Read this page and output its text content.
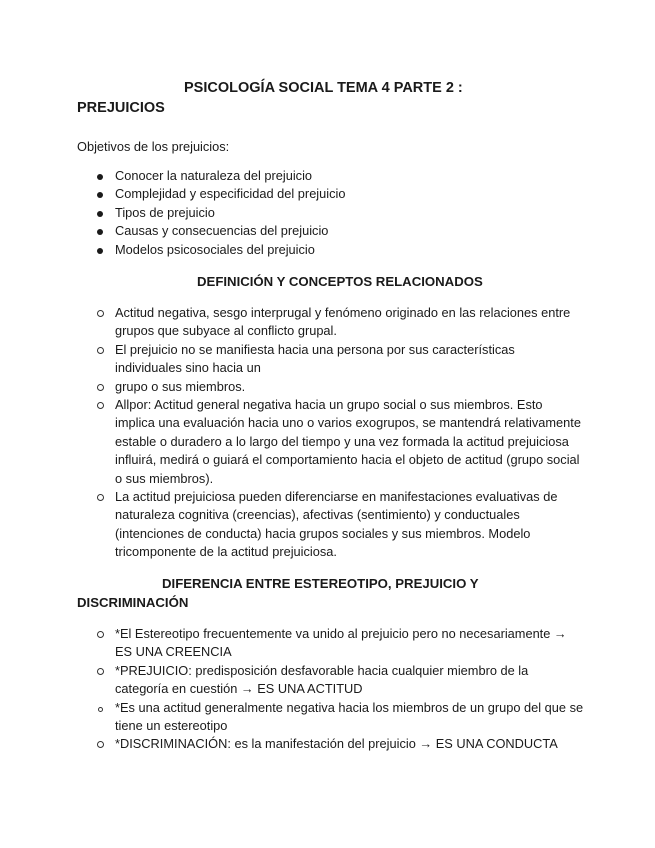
PSICOLOGÍA SOCIAL TEMA 4 PARTE 2 :
PREJUICIOS
Objetivos de los prejuicios:
Conocer la naturaleza del prejuicio
Complejidad y especificidad del prejuicio
Tipos de prejuicio
Causas y consecuencias del prejuicio
Modelos psicosociales del prejuicio
DEFINICIÓN Y CONCEPTOS RELACIONADOS
Actitud negativa, sesgo interprugal y fenómeno originado en las relaciones entre grupos que subyace al conflicto grupal.
El prejuicio no se manifiesta hacia una persona por sus características individuales sino hacia un
grupo o sus miembros.
Allpor: Actitud general negativa hacia un grupo social o sus miembros. Esto implica una evaluación hacia uno o varios exogrupos, se mantendrá relativamente estable o duradero a lo largo del tiempo y una vez formada la actitud prejuiciosa influirá, medirá o guiará el comportamiento hacia el objeto de actitud (grupo social o sus miembros).
La actitud prejuiciosa pueden diferenciarse en manifestaciones evaluativas de naturaleza cognitiva (creencias), afectivas (sentimiento) y conductuales (intenciones de conducta) hacia grupos sociales y sus miembros. Modelo tricomponente de la actitud prejuiciosa.
DIFERENCIA ENTRE ESTEREOTIPO, PREJUICIO Y
DISCRIMINACIÓN
*El Estereotipo frecuentemente va unido al prejuicio pero no necesariamente → ES UNA CREENCIA
*PREJUICIO: predisposición desfavorable hacia cualquier miembro de la categoría en cuestión → ES UNA ACTITUD
*Es una actitud generalmente negativa hacia los miembros de un grupo del que se tiene un estereotipo
*DISCRIMINACIÓN: es la manifestación del prejuicio → ES UNA CONDUCTA
